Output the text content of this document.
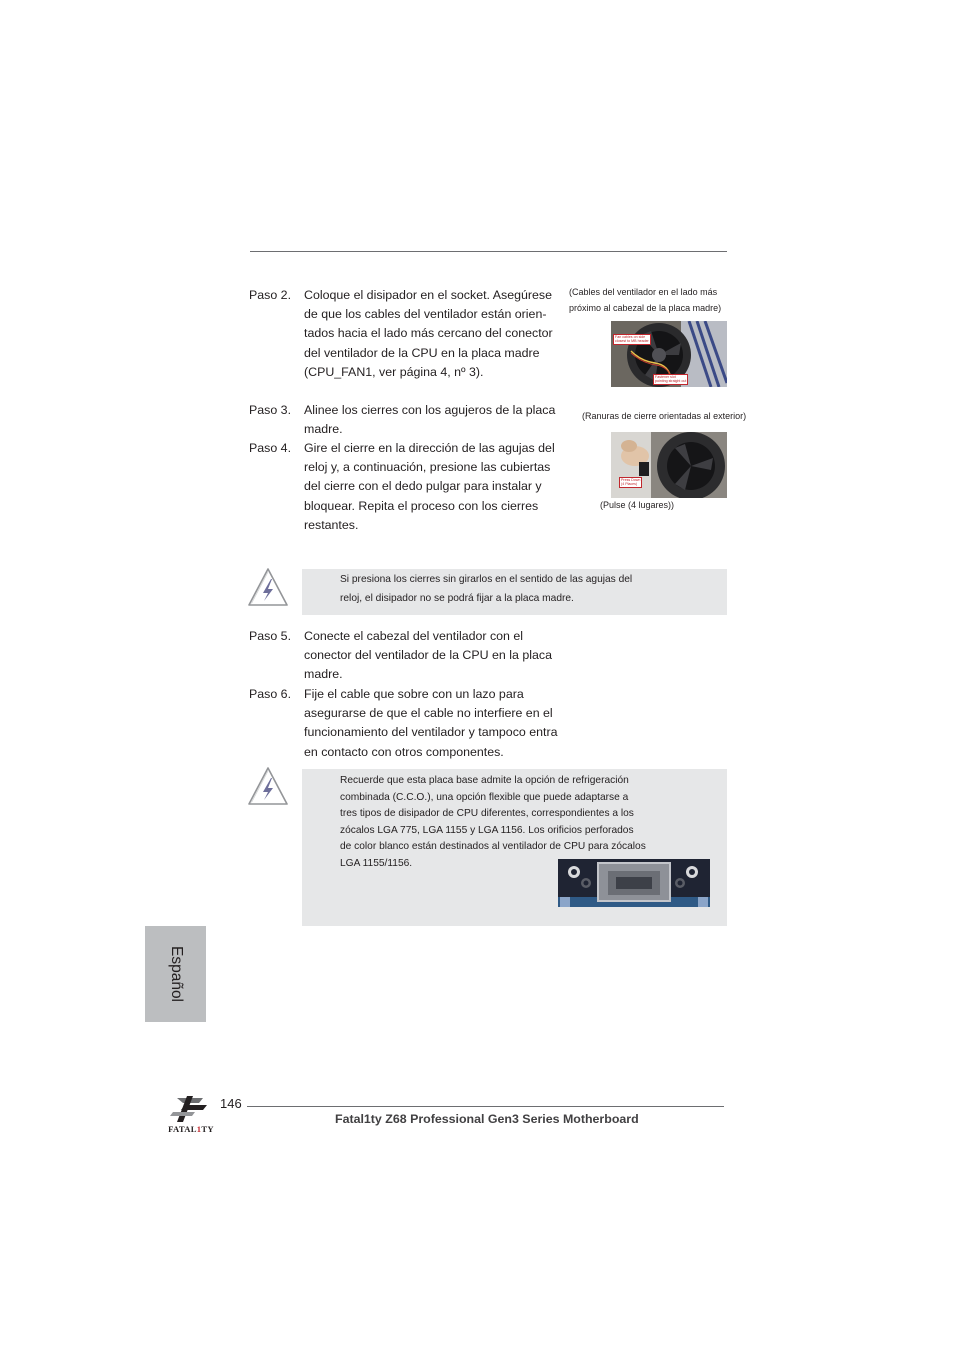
Paso 2. Coloque el disipador en el socket. Asegúrese
de que los cables del ventilador están orien-
tados hacia el lado más cercano del conector
del ventilador de la CPU en la placa madre
(CPU_FAN1, ver página 4, nº 3).
(Cables del ventilador en el lado más
próximo al cabezal de la placa madre)
Fan cables on side
closest to MB header
Fastener slot
pointing straight out
Paso 3. Alinee los cierres con los agujeros de la placa
madre.
(Ranuras de cierre orientadas al exterior)
Paso 4. Gire el cierre en la dirección de las agujas del
reloj y, a continuación, presione las cubiertas
del cierre con el dedo pulgar para instalar y
bloquear. Repita el proceso con los cierres
restantes.
Press Down
(4 Places)
(Pulse (4 lugares))
Si presiona los cierres sin girarlos en el sentido de las agujas del
reloj, el disipador no se podrá fijar a la placa madre.
Paso 5. Conecte el cabezal del ventilador con el
conector del ventilador de la CPU en la placa
madre.
Paso 6. Fije el cable que sobre con un lazo para
asegurarse de que el cable no interfiere en el
funcionamiento del ventilador y tampoco entra
en contacto con otros componentes.
Recuerde que esta placa base admite la opción de refrigeración
combinada (C.C.O.), una opción flexible que puede adaptarse a
tres tipos de disipador de CPU diferentes, correspondientes a los
zócalos LGA 775, LGA 1155 y LGA 1156. Los orificios perforados
de color blanco están destinados al ventilador de CPU para zócalos
LGA 1155/1156.
Español
FATAL1TY
146
Fatal1ty Z68 Professional Gen3 Series Motherboard
